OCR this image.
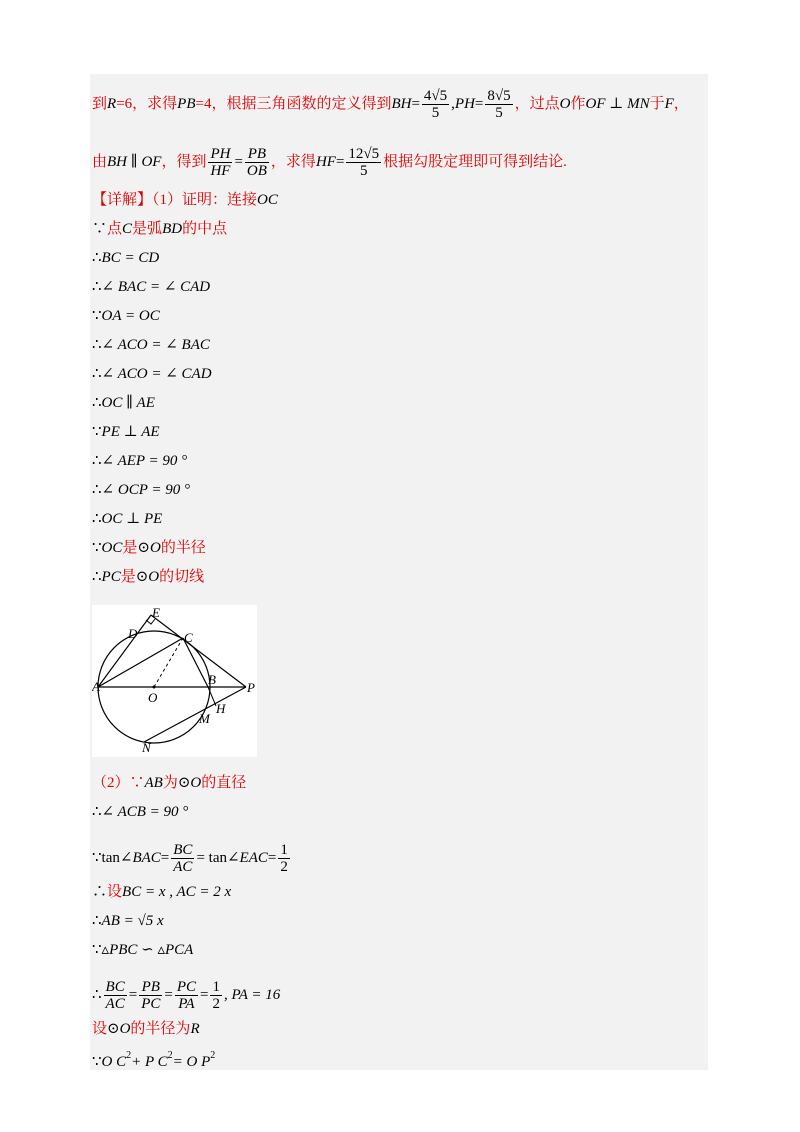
到R=6，求得PB=4，根据三角函数的定义得到$BH= \frac{4√5}{5} ,PH= \frac{8√5}{5}$ ，过点O作OF ⊥ MN于F，
由BH ∥ OF，得到 $\frac{PH}{HF} = \frac{PB}{OB}$ ，求得$HF= \frac{12√5}{5}$ 根据勾股定理即可得到结论.
【详解】（1）证明：连接OC
∵点C是弧BD的中点
∴BC = CD
∴∠ BAC = ∠ CAD
∵OA = OC
∴∠ ACO = ∠ BAC
∴∠ ACO = ∠ CAD
∴OC ∥ AE
∵PE ⊥ AE
∴∠ AEP = 90 °
∴∠ OCP = 90 °
∴OC ⊥ PE
∵OC是⊙O的半径
∴PC是⊙O的切线
E
D	C
A
O
B
P
H
M
N
（2）∵AB为⊙O的直径
∴∠ ACB = 90 °
∵tan∠BAC= $\frac{BC}{AC}$ = tan∠EAC= $\frac{1}{2}$
∴设BC = x , AC = 2 x
∴AB = √5 x
∵▵PBC ∽ ▵PCA
∴ $\frac{BC}{AC} = \frac{PB}{PC} = \frac{PC}{PA} = \frac{1}{2}$ , PA = 16
设⊙O的半径为R
∵O $C^2+ P$ $C^2= O$ $P^2$
